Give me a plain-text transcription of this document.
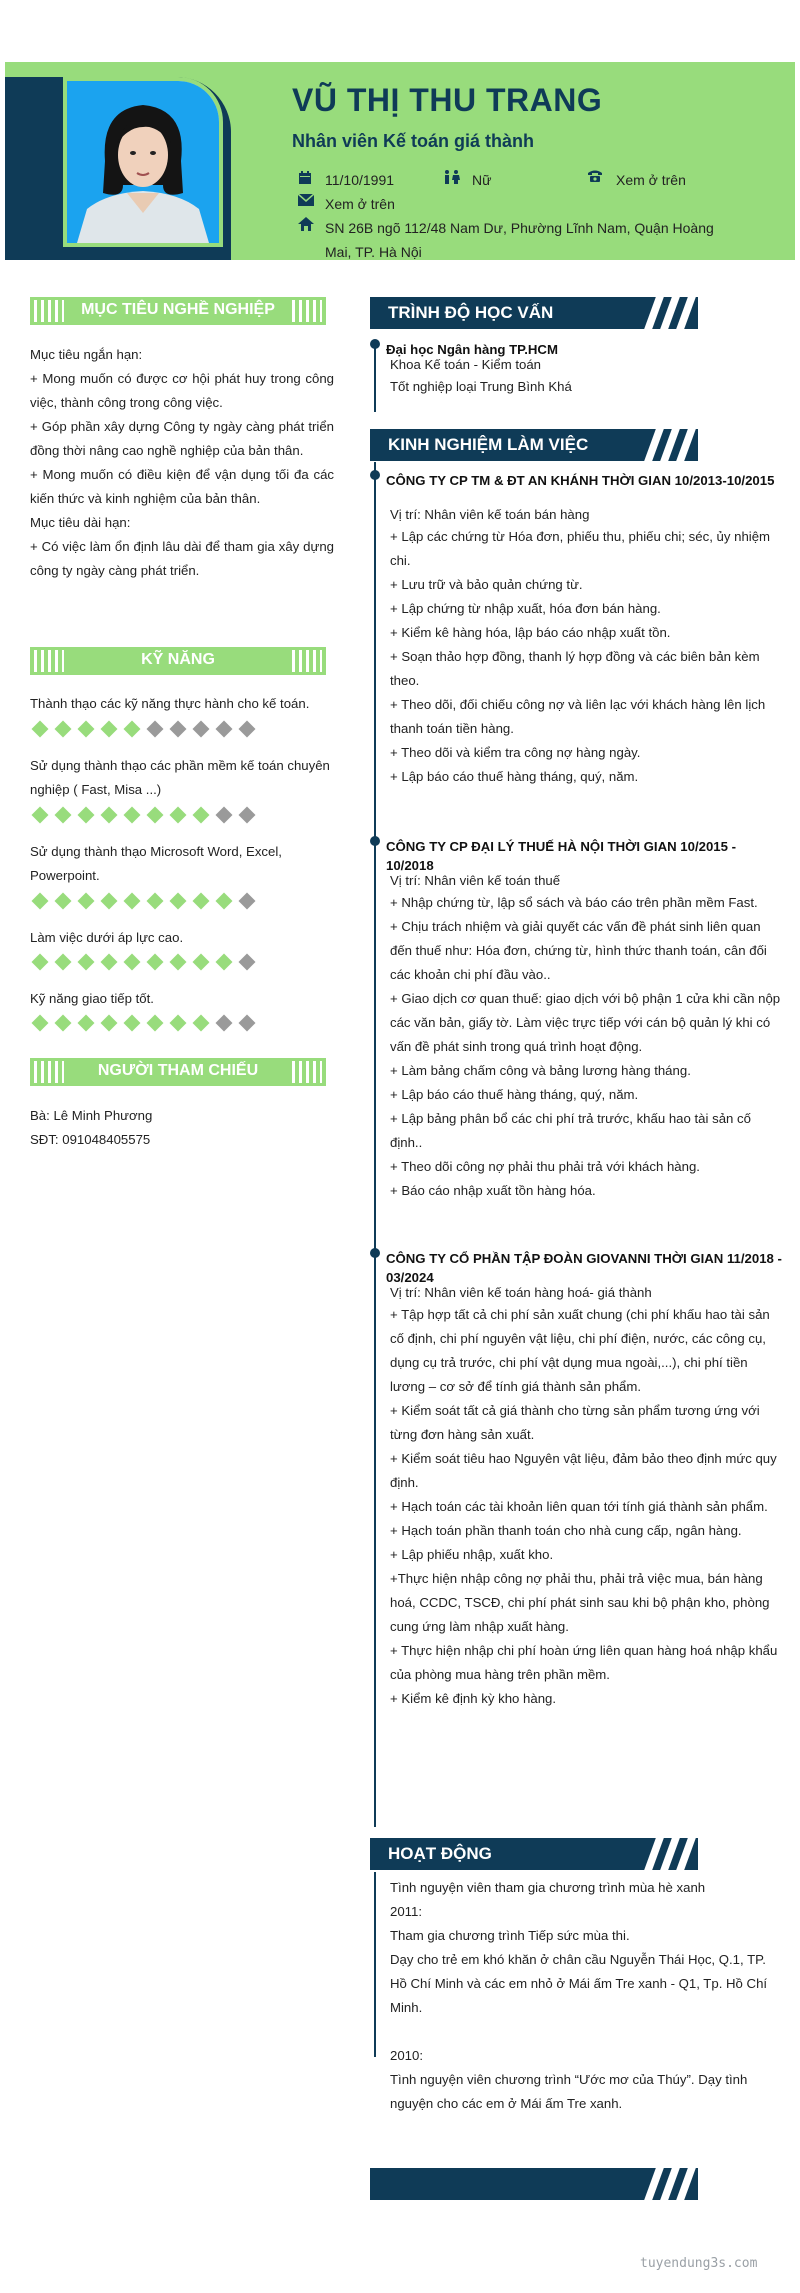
VŨ THỊ THU TRANG
Nhân viên Kế toán giá thành
11/10/1991	Nữ	Xem ở trên
Xem ở trên
SN 26B ngõ 112/48 Nam Dư, Phường Lĩnh Nam, Quận Hoàng
Mai, TP. Hà Nội
MỤC TIÊU NGHỀ NGHIỆP
Mục tiêu ngắn hạn:
+ Mong muốn có được cơ hội phát huy trong công việc, thành công trong công việc.
+ Góp phần xây dựng Công ty ngày càng phát triển đồng thời nâng cao nghề nghiệp của bản thân.
+ Mong muốn có điều kiện để vận dụng tối đa các kiến thức và kinh nghiệm của bản thân.
Mục tiêu dài hạn:
+ Có việc làm ổn định lâu dài để tham gia xây dựng công ty ngày càng phát triển.
KỸ NĂNG
Thành thạo các kỹ năng thực hành cho kế toán.
Sử dụng thành thạo các phần mềm kế toán chuyên nghiệp ( Fast, Misa ...)
Sử dụng thành thạo Microsoft Word, Excel, Powerpoint.
Làm việc dưới áp lực cao.
Kỹ năng giao tiếp tốt.
NGƯỜI THAM CHIẾU
Bà: Lê Minh Phương
SĐT: 091048405575
TRÌNH ĐỘ HỌC VẤN
Đại học Ngân hàng TP.HCM
Khoa Kế toán - Kiểm toán
Tốt nghiệp loại Trung Bình Khá
KINH NGHIỆM LÀM VIỆC
CÔNG TY CP TM & ĐT AN KHÁNH THỜI GIAN 10/2013-10/2015
Vị trí: Nhân viên kế toán bán hàng
+ Lập các chứng từ Hóa đơn, phiếu thu, phiếu chi; séc, ủy nhiệm chi.
+ Lưu trữ và bảo quản chứng từ.
+ Lập chứng từ nhập xuất, hóa đơn bán hàng.
+ Kiểm kê hàng hóa, lập báo cáo nhập xuất tồn.
+ Soạn thảo hợp đồng, thanh lý hợp đồng và các biên bản kèm theo.
+ Theo dõi, đối chiếu công nợ và liên lạc với khách hàng lên lịch thanh toán tiền hàng.
+ Theo dõi và kiểm tra công nợ hàng ngày.
+ Lập báo cáo thuế hàng tháng, quý, năm.
CÔNG TY CP ĐẠI LÝ THUẾ HÀ NỘI THỜI GIAN 10/2015 - 10/2018
Vị trí: Nhân viên kế toán thuế
+ Nhập chứng từ, lập sổ sách và báo cáo trên phần mềm Fast.
+ Chịu trách nhiệm và giải quyết các vấn đề phát sinh liên quan đến thuế như: Hóa đơn, chứng từ, hình thức thanh toán, cân đối các khoản chi phí đầu vào..
+ Giao dịch cơ quan thuế: giao dịch với bộ phận 1 cửa khi cần nộp các văn bản, giấy tờ. Làm việc trực tiếp với cán bộ quản lý khi có vấn đề phát sinh trong quá trình hoạt động.
+ Làm bảng chấm công và bảng lương hàng tháng.
+ Lập báo cáo thuế hàng tháng, quý, năm.
+ Lập bảng phân bổ các chi phí trả trước, khấu hao tài sản cố định..
+ Theo dõi công nợ phải thu phải trả với khách hàng.
+ Báo cáo nhập xuất tồn hàng hóa.
CÔNG TY CỔ PHẦN TẬP ĐOÀN GIOVANNI THỜI GIAN 11/2018 - 03/2024
Vị trí: Nhân viên kế toán hàng hoá- giá thành
+ Tập hợp tất cả chi phí sản xuất chung (chi phí khấu hao tài sản cố định, chi phí nguyên vật liệu, chi phí điện, nước, các công cụ, dụng cụ trả trước, chi phí vật dụng mua ngoài,...), chi phí tiền lương – cơ sở để tính giá thành sản phẩm.
+ Kiểm soát tất cả giá thành cho từng sản phẩm tương ứng với từng đơn hàng sản xuất.
+ Kiểm soát tiêu hao Nguyên vật liệu, đảm bảo theo định mức quy định.
+ Hạch toán các tài khoản liên quan tới tính giá thành sản phẩm.
+ Hạch toán phần thanh toán cho nhà cung cấp, ngân hàng.
+ Lập phiếu nhập, xuất kho.
+Thực hiện nhập công nợ phải thu, phải trả việc mua, bán hàng hoá, CCDC, TSCĐ, chi phí phát sinh sau khi bộ phận kho, phòng cung ứng làm nhập xuất hàng.
+ Thực hiện nhập chi phí hoàn ứng liên quan hàng hoá nhập khẩu của phòng mua hàng trên phần mềm.
+ Kiểm kê định kỳ kho hàng.
HOẠT ĐỘNG
Tình nguyện viên tham gia chương trình mùa hè xanh
2011:
Tham gia chương trình Tiếp sức mùa thi.
Dạy cho trẻ em khó khăn ở chân cầu Nguyễn Thái Học, Q.1, TP. Hồ Chí Minh và các em nhỏ ở Mái ấm Tre xanh - Q1, Tp. Hồ Chí Minh.
2010:
Tình nguyện viên chương trình “Ước mơ của Thúy”. Dạy tình nguyện cho các em ở Mái ấm Tre xanh.
tuyendung3s.com
